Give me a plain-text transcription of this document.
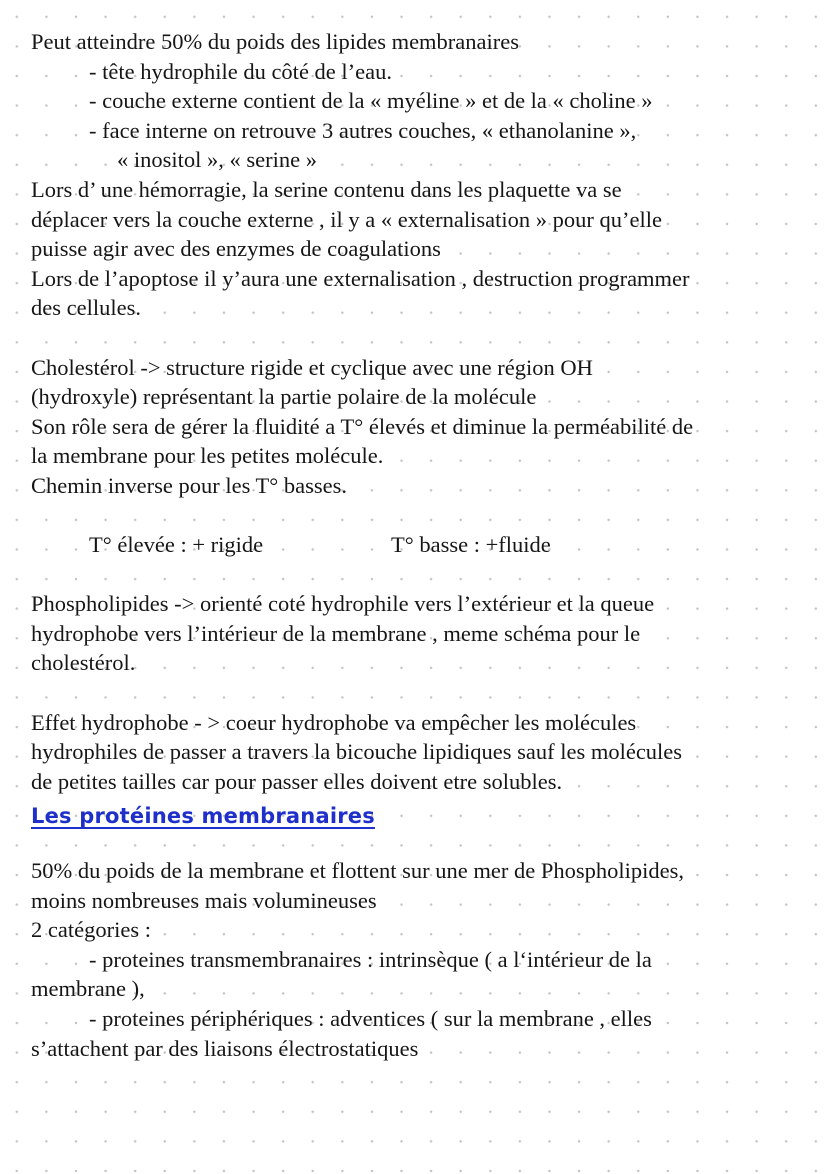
Peut atteindre 50% du poids des lipides membranaires
- tête hydrophile du côté de l’eau.
- couche externe contient de la « myéline » et de la « choline »
- face interne on retrouve 3 autres couches, « ethanolanine »,
« inositol », « serine »
Lors d’ une hémorragie, la serine contenu dans les plaquette va se
déplacer vers la couche externe , il y a « externalisation » pour qu’elle
puisse agir avec des enzymes de coagulations
Lors de l’apoptose il y’aura une externalisation , destruction programmer
des cellules.
Cholestérol -> structure rigide et cyclique avec une région OH
(hydroxyle) représentant la partie polaire de la molécule
Son rôle sera de gérer la fluidité a T° élevés et diminue la perméabilité de
la membrane pour les petites molécule.
Chemin inverse pour les T° basses.
T° élevée : + rigide	T° basse : +fluide
Phospholipides -> orienté coté hydrophile vers l’extérieur et la queue
hydrophobe vers l’intérieur de la membrane , meme schéma pour le
cholestérol.
Effet hydrophobe - > coeur hydrophobe va empêcher les molécules
hydrophiles de passer a travers la bicouche lipidiques sauf les molécules
de petites tailles car pour passer elles doivent etre solubles.
Les protéines membranaires
50% du poids de la membrane et flottent sur une mer de Phospholipides,
moins nombreuses mais volumineuses
2 catégories :
- proteines transmembranaires : intrinsèque ( a l‘intérieur de la
membrane ),
- proteines périphériques : adventices ( sur la membrane , elles
s’attachent par des liaisons électrostatiques
